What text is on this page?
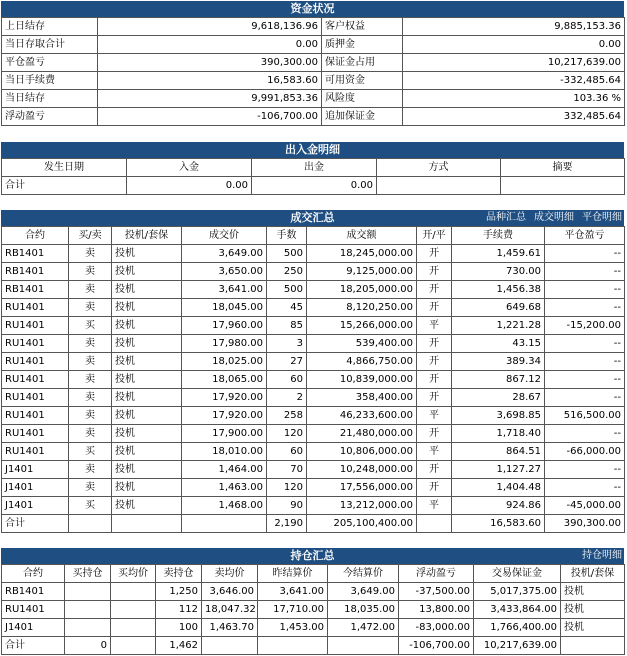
资金状况
上日结存	9,618,136.96	客户权益	9,885,153.36
当日存取合计	0.00	质押金	0.00
平仓盈亏	390,300.00	保证金占用	10,217,639.00
当日手续费	16,583.60	可用资金	-332,485.64
当日结存	9,991,853.36	风险度	103.36 %
浮动盈亏	-106,700.00	追加保证金	332,485.64
出入金明细
发生日期	入金	出金	方式	摘要
合计	0.00	0.00		
成交汇总	品种汇总 成交明细 平仓明细
合约	买/卖	投机/套保	成交价	手数	成交额	开/平	手续费	平仓盈亏
RB1401	卖	投机	3,649.00	500	18,245,000.00	开	1,459.61	--
RB1401	卖	投机	3,650.00	250	9,125,000.00	开	730.00	--
RB1401	卖	投机	3,641.00	500	18,205,000.00	开	1,456.38	--
RU1401	卖	投机	18,045.00	45	8,120,250.00	开	649.68	--
RU1401	买	投机	17,960.00	85	15,266,000.00	平	1,221.28	-15,200.00
RU1401	卖	投机	17,980.00	3	539,400.00	开	43.15	--
RU1401	卖	投机	18,025.00	27	4,866,750.00	开	389.34	--
RU1401	卖	投机	18,065.00	60	10,839,000.00	开	867.12	--
RU1401	卖	投机	17,920.00	2	358,400.00	开	28.67	--
RU1401	卖	投机	17,920.00	258	46,233,600.00	平	3,698.85	516,500.00
RU1401	卖	投机	17,900.00	120	21,480,000.00	开	1,718.40	--
RU1401	买	投机	18,010.00	60	10,806,000.00	平	864.51	-66,000.00
J1401	卖	投机	1,464.00	70	10,248,000.00	开	1,127.27	--
J1401	卖	投机	1,463.00	120	17,556,000.00	开	1,404.48	--
J1401	买	投机	1,468.00	90	13,212,000.00	平	924.86	-45,000.00
合计				2,190	205,100,400.00		16,583.60	390,300.00
持仓汇总	持仓明细
合约	买持仓	买均价	卖持仓	卖均价	昨结算价	今结算价	浮动盈亏	交易保证金	投机/套保
RB1401			1,250	3,646.00	3,641.00	3,649.00	-37,500.00	5,017,375.00	投机
RU1401			112	18,047.32	17,710.00	18,035.00	13,800.00	3,433,864.00	投机
J1401			100	1,463.70	1,453.00	1,472.00	-83,000.00	1,766,400.00	投机
合计	0		1,462				-106,700.00	10,217,639.00	
